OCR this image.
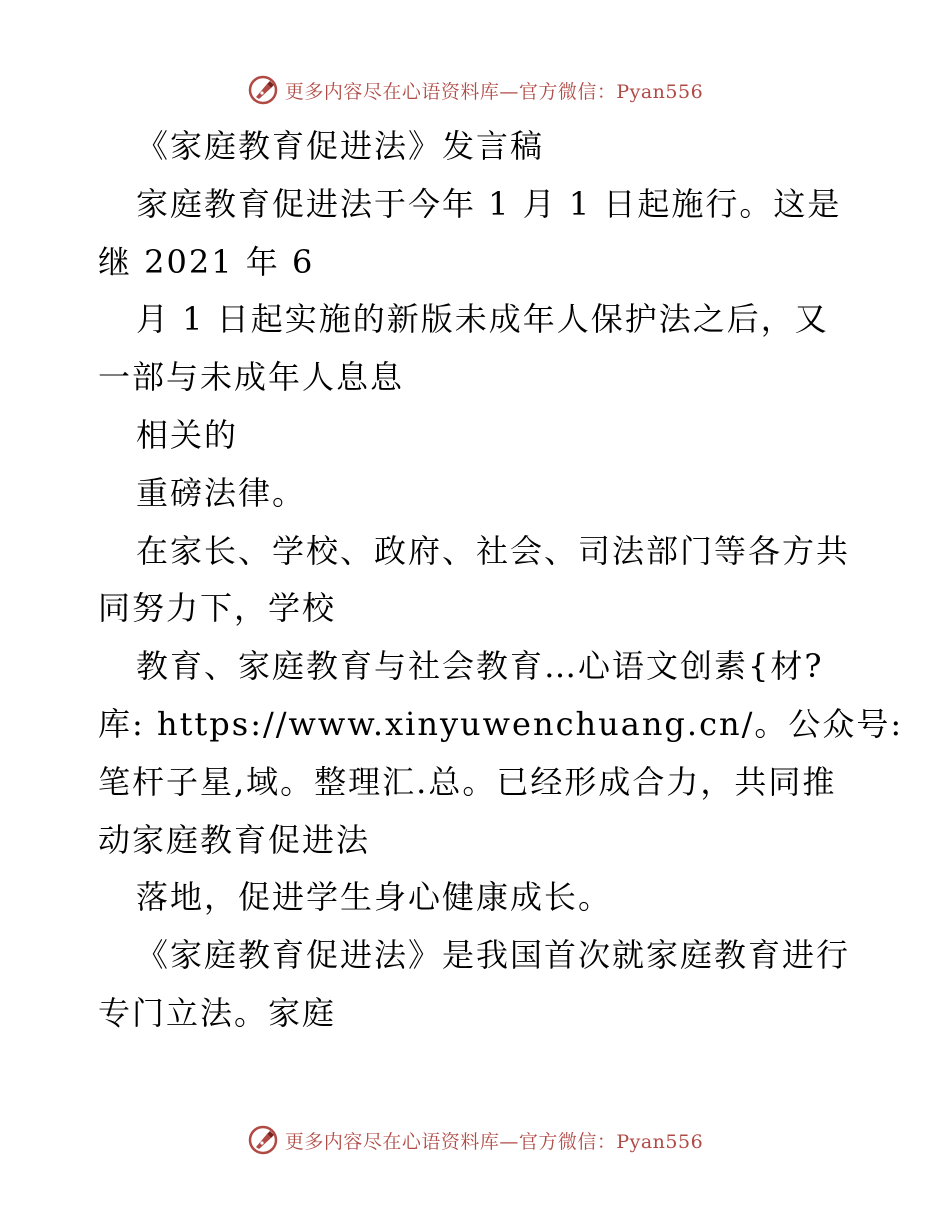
更多内容尽在心语资料库—官方微信：Pyan556
《家庭教育促进法》发言稿
家庭教育促进法于今年 1 月 1 日起施行。这是
继 2021 年 6
月 1 日起实施的新版未成年人保护法之后，又
一部与未成年人息息
相关的
重磅法律。
在家长、学校、政府、社会、司法部门等各方共
同努力下，学校
教育、家庭教育与社会教育…心语文创素{材?
库: https://www.xinyuwenchuang.cn/。公众号:
笔杆子星,域。整理汇.总。已经形成合力，共同推
动家庭教育促进法
落地，促进学生身心健康成长。
《家庭教育促进法》是我国首次就家庭教育进行
专门立法。家庭
更多内容尽在心语资料库—官方微信：Pyan556
